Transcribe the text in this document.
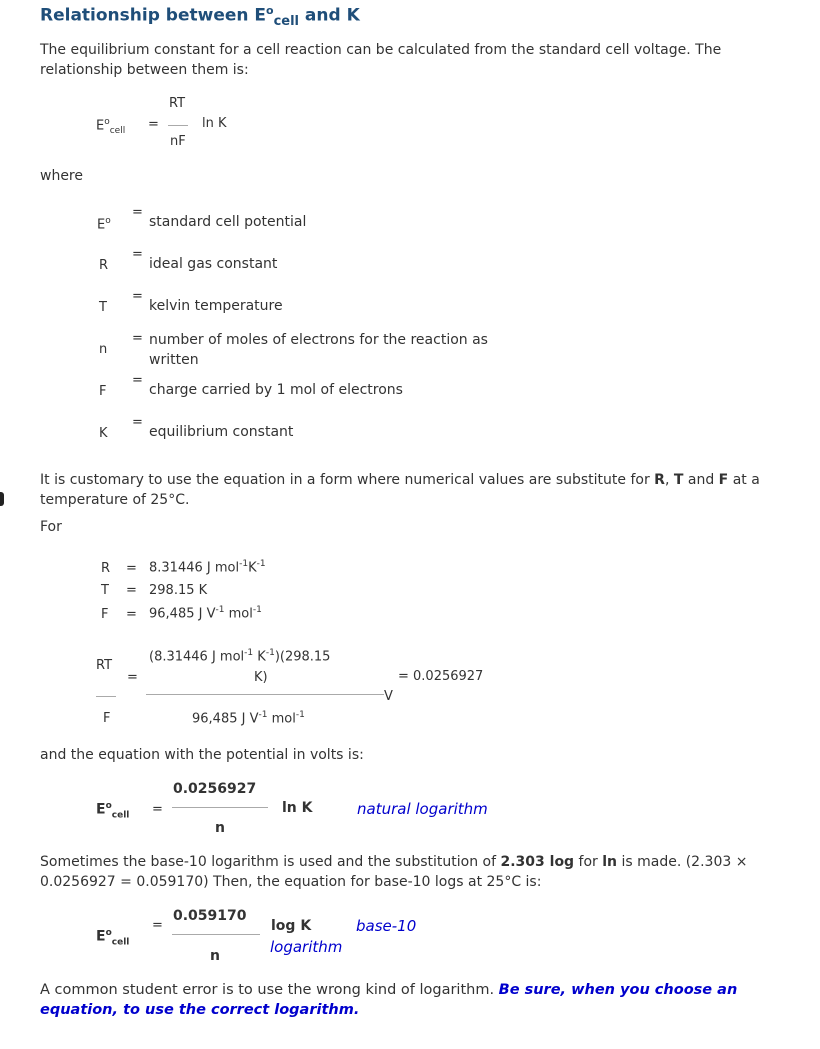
Relationship between $E^o_{cell}$ and K
The equilibrium constant for a cell reaction can be calculated from the standard cell voltage. The relationship between them is:
$E^o_{cell}$ =
RT
nF
ln K
where
$E^o$
=
standard cell potential
R
=
ideal gas constant
T
=
kelvin temperature
n
= number of moles of electrons for the reaction as written
F
=
charge carried by 1 mol of electrons
K
=
equilibrium constant
It is customary to use the equation in a form where numerical values are substitute for R, T and F at a temperature of 25°C.
For
R = 8.31446 J $mol^{-1}K^{-1}$
T = 298.15 K
F = 96,485 J $V^{-1}$ mol$^{-1}$
RT
F
=
(8.31446 J mol$^{-1}$ $K^{-1})(298.15$
K)
V
96,485 J $V^{-1}$ mol$^{-1}$
= 0.0256927
and the equation with the potential in volts is:
$E^o_{cell}$ =
0.0256927
n
ln K	natural logarithm
Sometimes the base-10 logarithm is used and the substitution of 2.303 log for ln is made. (2.303 × 0.0256927 = 0.059170) Then, the equation for base-10 logs at 25°C is:
$E^o_{cell}$
=
0.059170
n
log K
logarithm
base-10
A common student error is to use the wrong kind of logarithm. Be sure, when you choose an equation, to use the correct logarithm.
